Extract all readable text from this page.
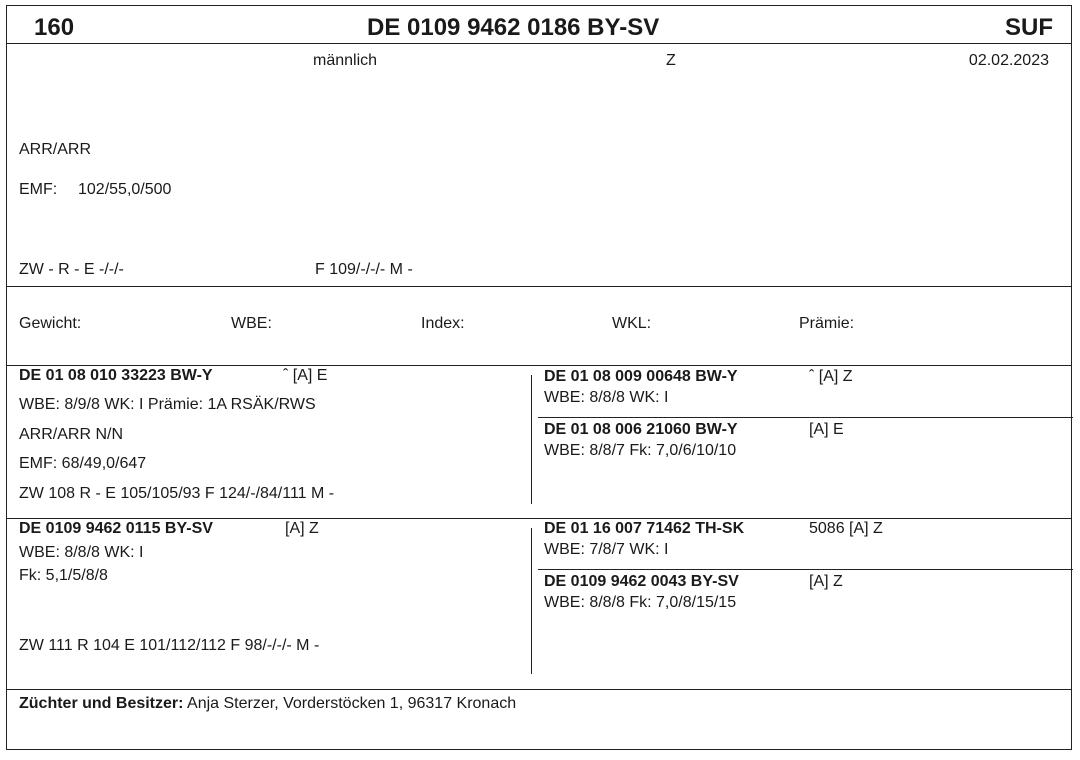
160	DE 0109 9462 0186 BY-SV	SUF
männlich	Z	02.02.2023
ARR/ARR
EMF: 102/55,0/500
ZW - R - E -/-/-	F 109/-/-/- M -
Gewicht:	WBE:	Index:	WKL:	Prämie:
DE 01 08 010 33223 BW-Y	ˆ [A] E
WBE: 8/9/8 WK: I Prämie: 1A RSÄK/RWS
ARR/ARR N/N
EMF: 68/49,0/647
ZW 108 R - E 105/105/93 F 124/-/84/111 M -
DE 01 08 009 00648 BW-Y	ˆ [A] Z
WBE: 8/8/8 WK: I
DE 01 08 006 21060 BW-Y	[A] E
WBE: 8/8/7 Fk: 7,0/6/10/10
DE 0109 9462 0115 BY-SV	[A] Z
WBE: 8/8/8 WK: I
Fk: 5,1/5/8/8
ZW 111 R 104 E 101/112/112 F 98/-/-/- M -
DE 01 16 007 71462 TH-SK	5086 [A] Z
WBE: 7/8/7 WK: I
DE 0109 9462 0043 BY-SV	[A] Z
WBE: 8/8/8 Fk: 7,0/8/15/15
Züchter und Besitzer: Anja Sterzer, Vorderstöcken 1, 96317 Kronach
